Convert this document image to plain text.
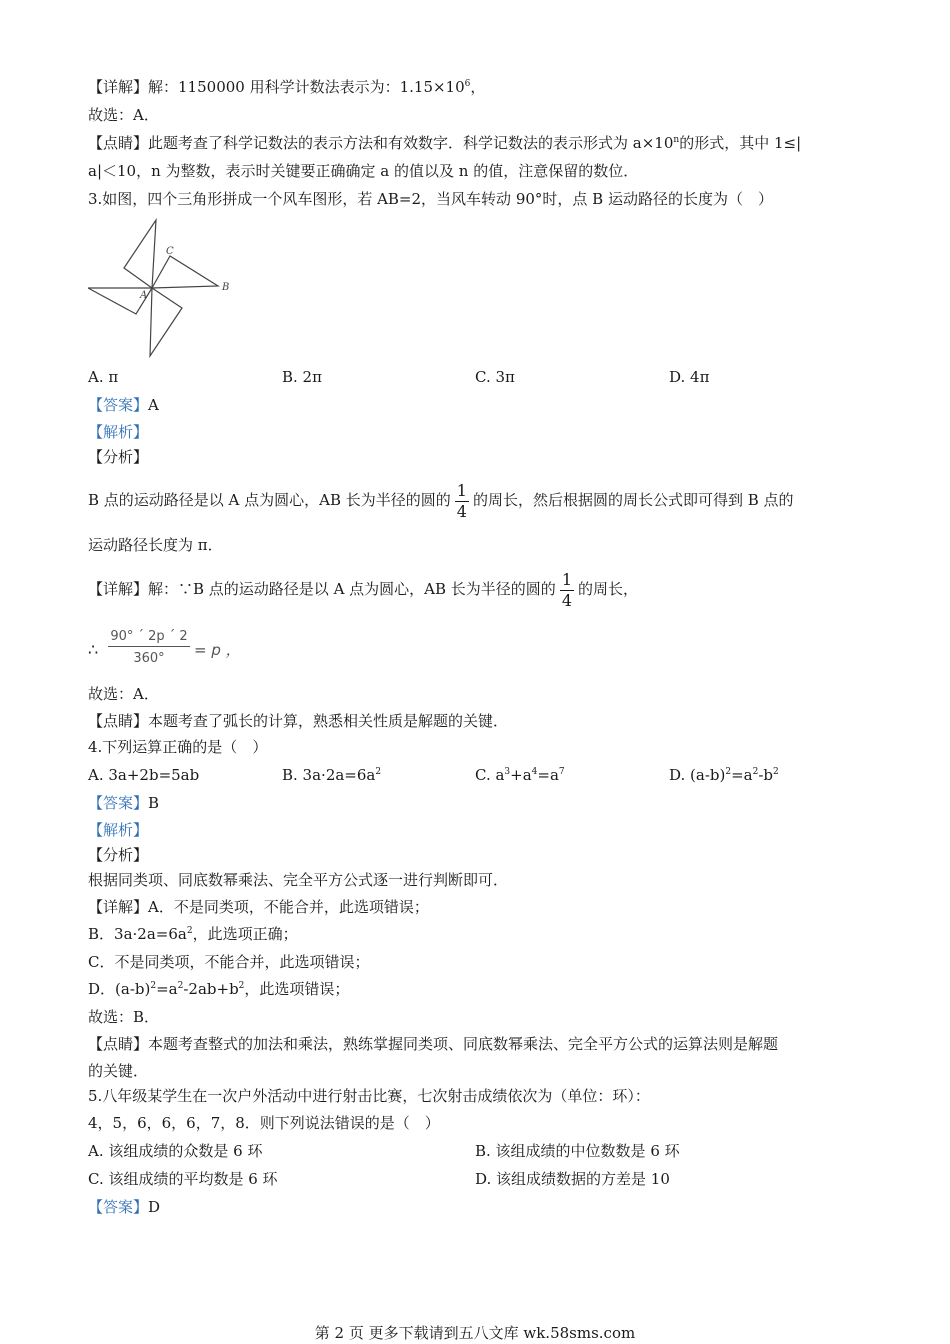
【详解】解：1150000 用科学计数法表示为：$1.15\times 10^6$，
故选：A．
【点睛】此题考查了科学记数法的表示方法和有效数字．科学记数法的表示形式为 $a\times 10^n$的形式，其中 1≤|
a|＜10，n 为整数，表示时关键要正确确定 a 的值以及 n 的值，注意保留的数位．
3.如图，四个三角形拼成一个风车图形，若 AB=2，当风车转动 90°时，点 B 运动路径的长度为（　）
A. π	B. 2π	C. 3π	D. 4π
【答案】A
【解析】
【分析】
B 点的运动路径是以 A 点为圆心，AB 长为半径的圆的 $\frac{1}{4}$ 的周长，然后根据圆的周长公式即可得到 B 点的
运动路径长度为 π．
【详解】解：∵B 点的运动路径是以 A 点为圆心，AB 长为半径的圆的 $\frac{1}{4}$ 的周长，
∴
90° ´ 2p ´ 2
360°	= p ，
故选：A．
【点睛】本题考查了弧长的计算，熟悉相关性质是解题的关键．
4.下列运算正确的是（　）
A. 3a+2b=5ab	B. $3a\cdot 2a=6a^2$	C. $a^3+a^4=a^7$	D. $(a-b)^2=a^2-b^2$
【答案】B
【解析】
【分析】
根据同类项、同底数幂乘法、完全平方公式逐一进行判断即可．
【详解】A．不是同类项，不能合并，此选项错误；
B．$3a\cdot 2a=6a^2$，此选项正确；
C．不是同类项，不能合并，此选项错误；
D．$(a-b)^2=a^2-2ab+b^2$，此选项错误；
故选：B．
【点睛】本题考查整式的加法和乘法，熟练掌握同类项、同底数幂乘法、完全平方公式的运算法则是解题
的关键．
5.八年级某学生在一次户外活动中进行射击比赛，七次射击成绩依次为（单位：环）：
4，5，6，6，6，7，8．则下列说法错误的是（　）
A. 该组成绩的众数是 6 环	B. 该组成绩的中位数数是 6 环
C. 该组成绩的平均数是 6 环	D. 该组成绩数据的方差是 10
【答案】D
A
B
C
第 2 页 更多下载请到五八文库 wk.58sms.com
